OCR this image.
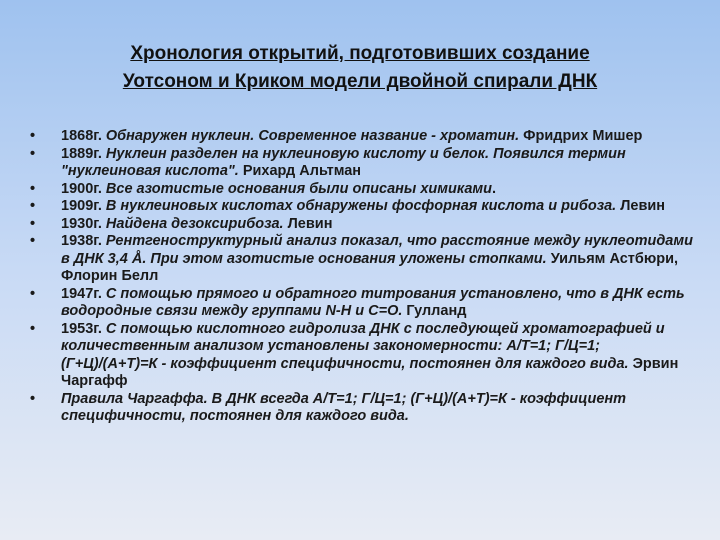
Хронология открытий, подготовивших создание
Уотсоном и Криком модели двойной спирали ДНК
• 1868г. Обнаружен нуклеин. Современное название - хроматин. Фридрих Мишер
• 1889г. Нуклеин разделен на нуклеиновую кислоту и белок. Появился термин "нуклеиновая кислота". Рихард Альтман
• 1900г. Все азотистые основания были описаны химиками.
• 1909г. В нуклеиновых кислотах обнаружены фосфорная кислота и рибоза. Левин
• 1930г. Найдена дезоксирибоза. Левин
• 1938г. Рентгеноструктурный анализ показал, что расстояние между нуклеотидами в ДНК 3,4 Å. При этом азотистые основания уложены стопками. Уильям Астбюри, Флорин Белл
• 1947г. С помощью прямого и обратного титрования установлено, что в ДНК есть водородные связи между группами N-H и C=O. Гулланд
• 1953г. С помощью кислотного гидролиза ДНК с последующей хроматографией и количественным анализом установлены закономерности: А/Т=1; Г/Ц=1; (Г+Ц)/(А+Т)=К - коэффициент специфичности, постоянен для каждого вида. Эрвин Чаргафф
• Правила Чаргаффа. В ДНК всегда А/Т=1; Г/Ц=1; (Г+Ц)/(А+Т)=К - коэффициент специфичности, постоянен для каждого вида.
